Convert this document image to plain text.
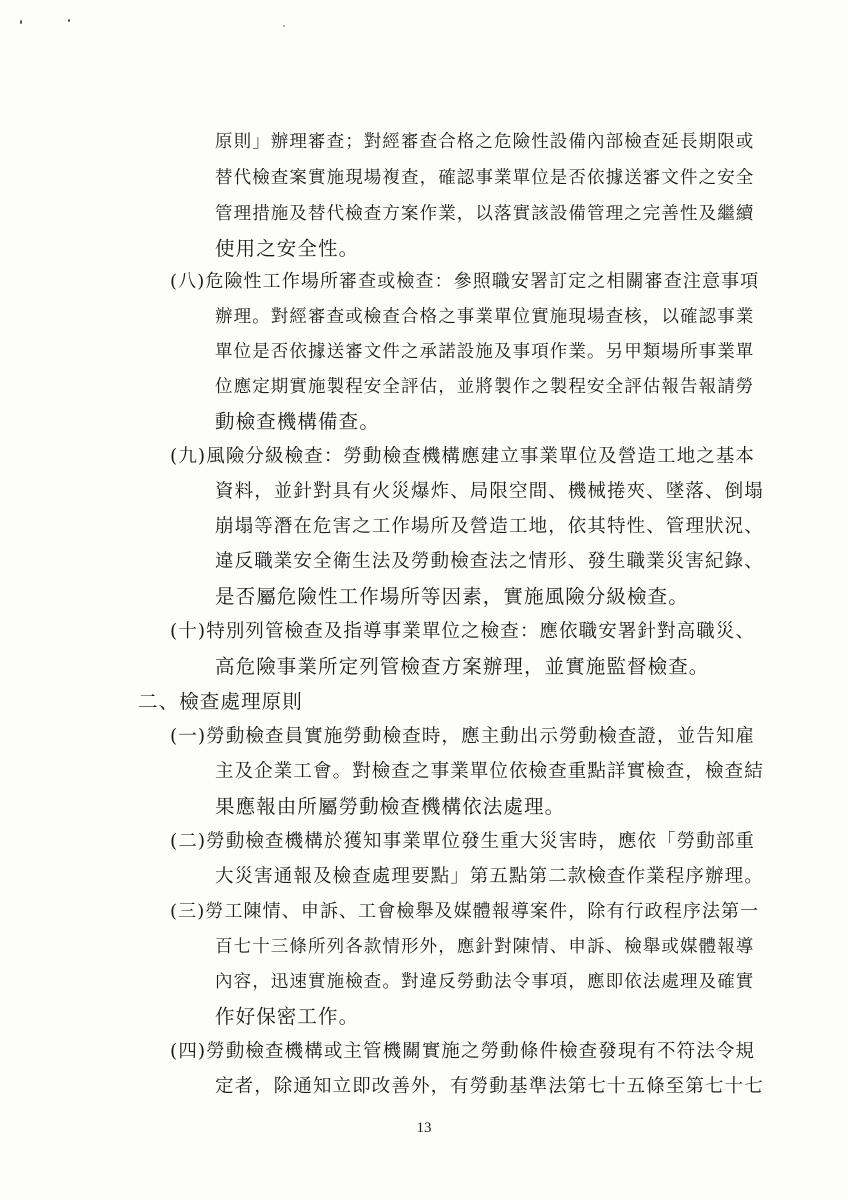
原則」辦理審查；對經審查合格之危險性設備內部檢查延長期限或
替代檢查案實施現場複查，確認事業單位是否依據送審文件之安全
管理措施及替代檢查方案作業，以落實該設備管理之完善性及繼續
使用之安全性。
(八)危險性工作場所審查或檢查：參照職安署訂定之相關審查注意事項
辦理。對經審查或檢查合格之事業單位實施現場查核，以確認事業
單位是否依據送審文件之承諾設施及事項作業。另甲類場所事業單
位應定期實施製程安全評估，並將製作之製程安全評估報告報請勞
動檢查機構備查。
(九)風險分級檢查：勞動檢查機構應建立事業單位及營造工地之基本
資料，並針對具有火災爆炸、局限空間、機械捲夾、墜落、倒塌
崩塌等潛在危害之工作場所及營造工地，依其特性、管理狀況、
違反職業安全衛生法及勞動檢查法之情形、發生職業災害紀錄、
是否屬危險性工作場所等因素，實施風險分級檢查。
(十)特別列管檢查及指導事業單位之檢查：應依職安署針對高職災、
高危險事業所定列管檢查方案辦理，並實施監督檢查。
二、檢查處理原則
(一)勞動檢查員實施勞動檢查時，應主動出示勞動檢查證，並告知雇
主及企業工會。對檢查之事業單位依檢查重點詳實檢查，檢查結
果應報由所屬勞動檢查機構依法處理。
(二)勞動檢查機構於獲知事業單位發生重大災害時，應依「勞動部重
大災害通報及檢查處理要點」第五點第二款檢查作業程序辦理。
(三)勞工陳情、申訴、工會檢舉及媒體報導案件，除有行政程序法第一
百七十三條所列各款情形外，應針對陳情、申訴、檢舉或媒體報導
內容，迅速實施檢查。對違反勞動法令事項，應即依法處理及確實
作好保密工作。
(四)勞動檢查機構或主管機關實施之勞動條件檢查發現有不符法令規
定者，除通知立即改善外，有勞動基準法第七十五條至第七十七
13
